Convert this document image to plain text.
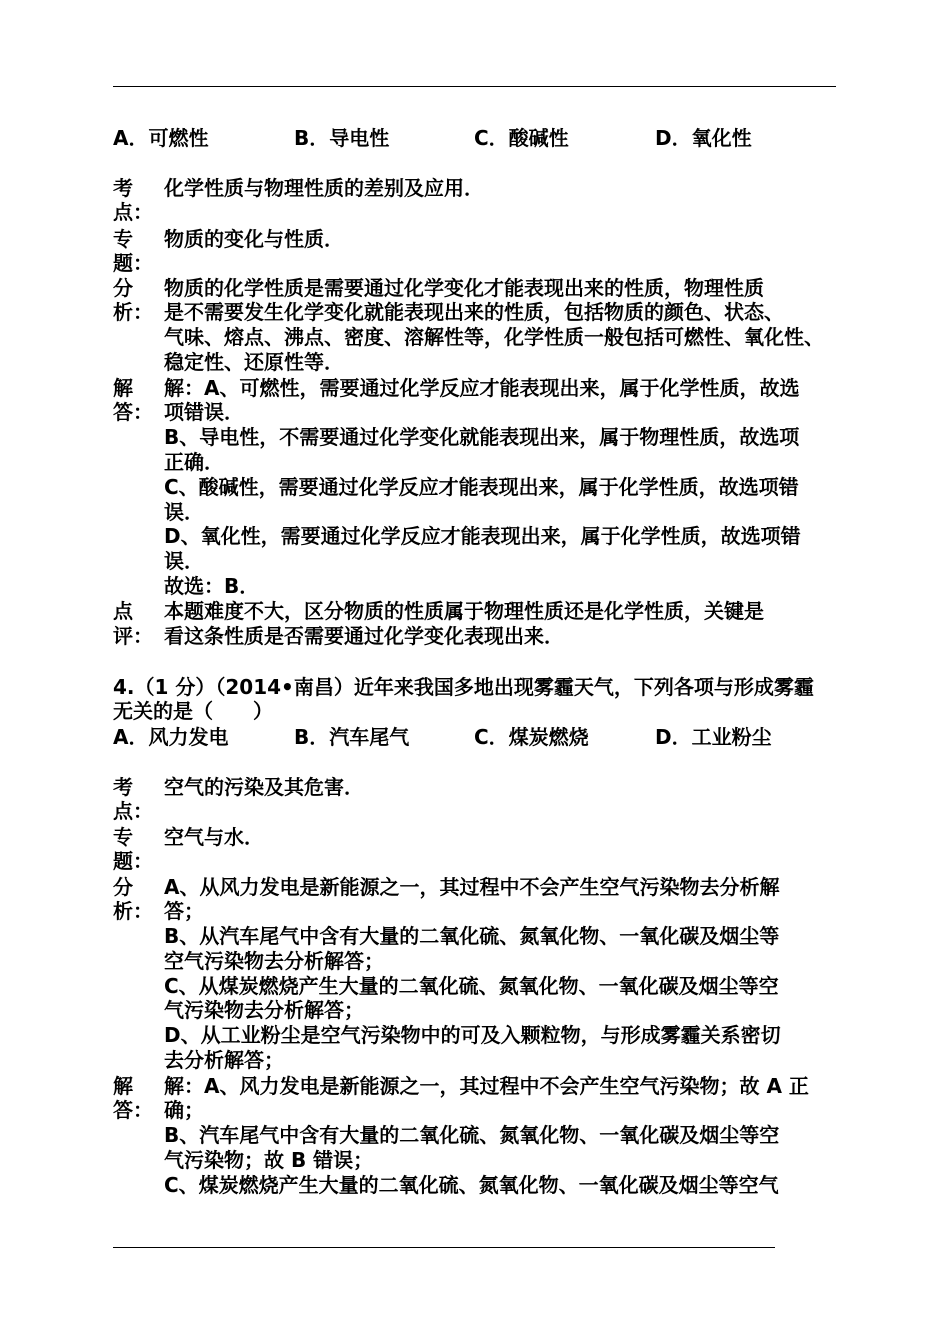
A．可燃性	B．导电性	C．酸碱性	D．氧化性
考
点：
化学性质与物理性质的差别及应用．
专
题：
物质的变化与性质．
分
析：
物质的化学性质是需要通过化学变化才能表现出来的性质，物理性质
是不需要发生化学变化就能表现出来的性质，包括物质的颜色、状态、
气味、熔点、沸点、密度、溶解性等，化学性质一般包括可燃性、氧化性、
稳定性、还原性等．
解
答：
解：A、可燃性，需要通过化学反应才能表现出来，属于化学性质，故选
项错误．
B、导电性，不需要通过化学变化就能表现出来，属于物理性质，故选项
正确．
C、酸碱性，需要通过化学反应才能表现出来，属于化学性质，故选项错
误．
D、氧化性，需要通过化学反应才能表现出来，属于化学性质，故选项错
误．
故选：B．
点
评：
本题难度不大，区分物质的性质属于物理性质还是化学性质，关键是
看这条性质是否需要通过化学变化表现出来．
4.（1 分）（2014•南昌）近年来我国多地出现雾霾天气，下列各项与形成雾霾
无关的是（　　）
A．风力发电	B．汽车尾气	C．煤炭燃烧	D．工业粉尘
考
点：
空气的污染及其危害．
专
题：
空气与水．
分
析：
A、从风力发电是新能源之一，其过程中不会产生空气污染物去分析解
答；
B、从汽车尾气中含有大量的二氧化硫、氮氧化物、一氧化碳及烟尘等
空气污染物去分析解答；
C、从煤炭燃烧产生大量的二氧化硫、氮氧化物、一氧化碳及烟尘等空
气污染物去分析解答；
D、从工业粉尘是空气污染物中的可及入颗粒物，与形成雾霾关系密切
去分析解答；
解
答：
解：A、风力发电是新能源之一，其过程中不会产生空气污染物；故 A 正
确；
B、汽车尾气中含有大量的二氧化硫、氮氧化物、一氧化碳及烟尘等空
气污染物；故 B 错误；
C、煤炭燃烧产生大量的二氧化硫、氮氧化物、一氧化碳及烟尘等空气
